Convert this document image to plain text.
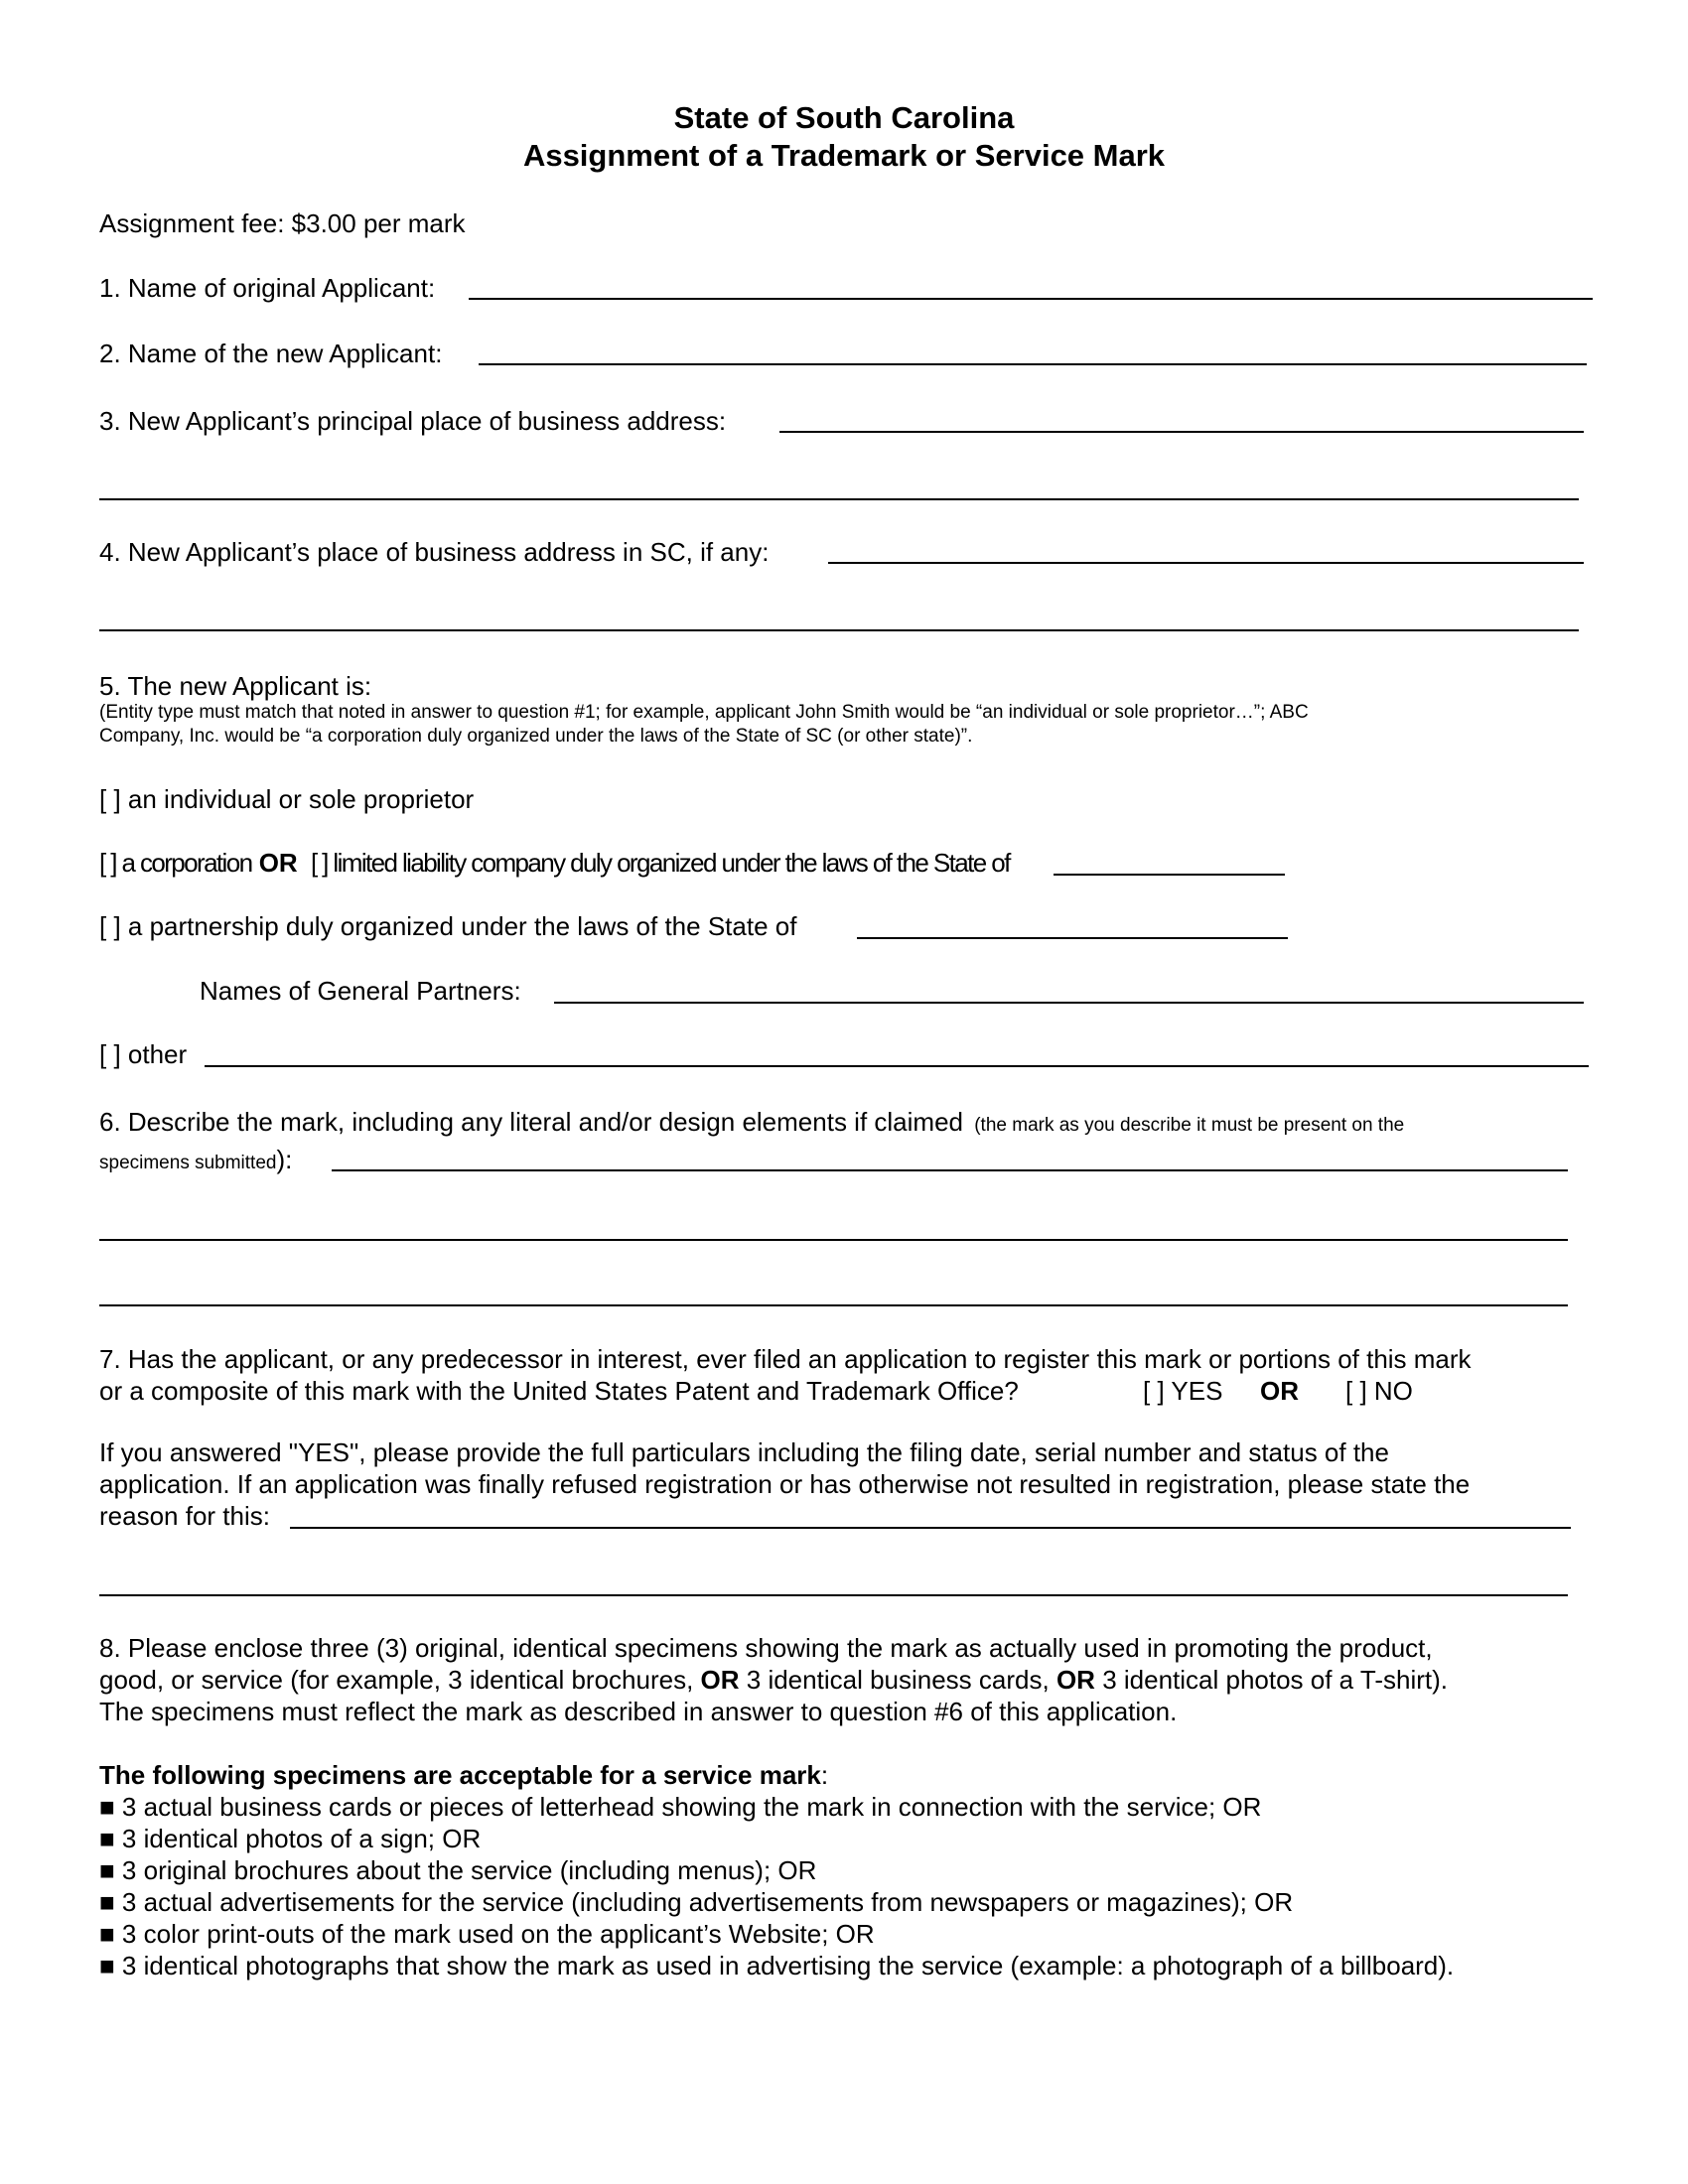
State of South Carolina
Assignment of a Trademark or Service Mark
Assignment fee: $3.00 per mark
1. Name of original Applicant:
2. Name of the new Applicant:
3. New Applicant’s principal place of business address:
4. New Applicant’s place of business address in SC, if any:
5. The new Applicant is:
(Entity type must match that noted in answer to question #1; for example, applicant John Smith would be “an individual or sole proprietor…”; ABC
Company, Inc. would be “a corporation duly organized under the laws of the State of SC (or other state)”.
[ ] an individual or sole proprietor
[ ] a corporation OR [ ] limited liability company duly organized under the laws of the State of
[ ] a partnership duly organized under the laws of the State of
Names of General Partners:
[ ] other
6. Describe the mark, including any literal and/or design elements if claimed (the mark as you describe it must be present on the
specimens submitted):
7. Has the applicant, or any predecessor in interest, ever filed an application to register this mark or portions of this mark
or a composite of this mark with the United States Patent and Trademark Office?	[ ] YES OR [ ] NO
If you answered "YES", please provide the full particulars including the filing date, serial number and status of the
application. If an application was finally refused registration or has otherwise not resulted in registration, please state the
reason for this:
8. Please enclose three (3) original, identical specimens showing the mark as actually used in promoting the product,
good, or service (for example, 3 identical brochures, OR 3 identical business cards, OR 3 identical photos of a T-shirt).
The specimens must reflect the mark as described in answer to question #6 of this application.
The following specimens are acceptable for a service mark:
■ 3 actual business cards or pieces of letterhead showing the mark in connection with the service; OR
■ 3 identical photos of a sign; OR
■ 3 original brochures about the service (including menus); OR
■ 3 actual advertisements for the service (including advertisements from newspapers or magazines); OR
■ 3 color print-outs of the mark used on the applicant’s Website; OR
■ 3 identical photographs that show the mark as used in advertising the service (example: a photograph of a billboard).
